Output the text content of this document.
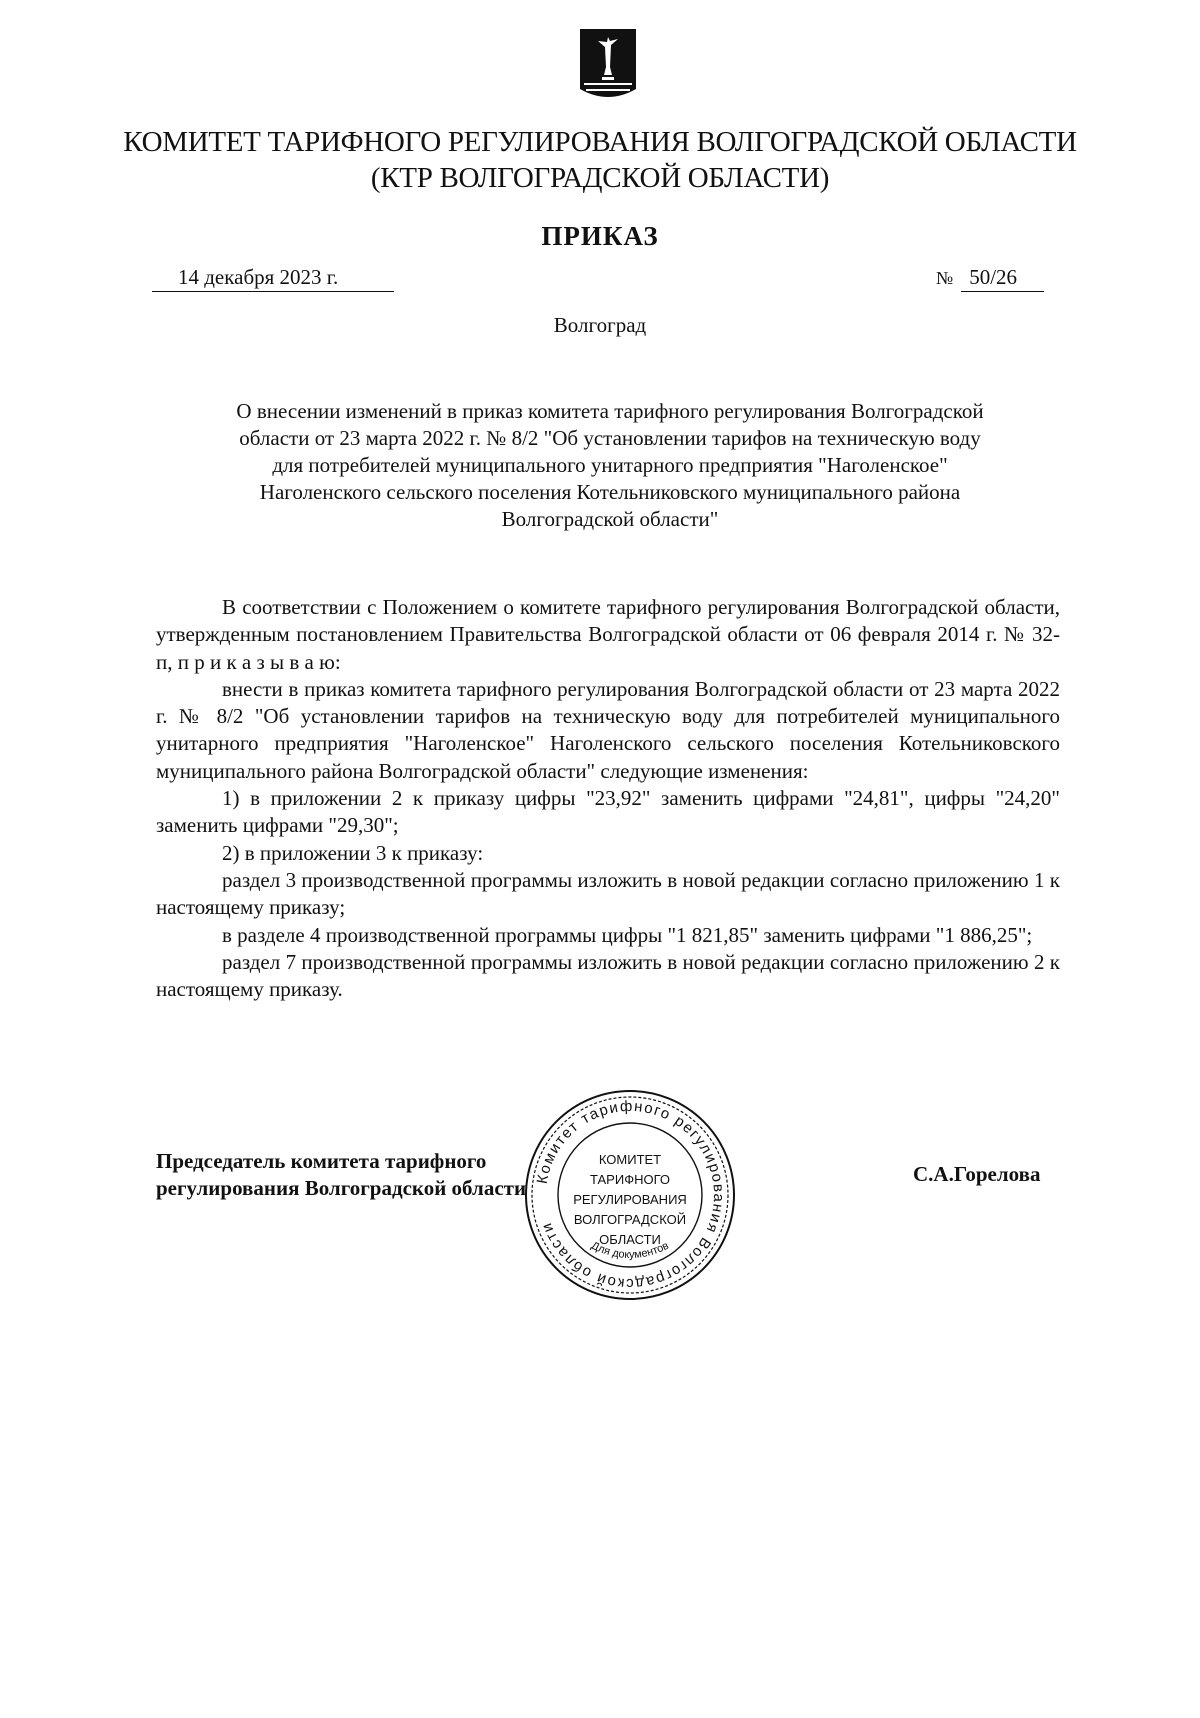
КОМИТЕТ ТАРИФНОГО РЕГУЛИРОВАНИЯ ВОЛГОГРАДСКОЙ ОБЛАСТИ
(КТР ВОЛГОГРАДСКОЙ ОБЛАСТИ)
ПРИКАЗ
14 декабря 2023 г.	№ 50/26
Волгоград
О внесении изменений в приказ комитета тарифного регулирования Волгоградской
области от 23 марта 2022 г. № 8/2 "Об установлении тарифов на техническую воду
для потребителей муниципального унитарного предприятия "Наголенское"
Наголенского сельского поселения Котельниковского муниципального района
Волгоградской области"

В соответствии с Положением о комитете тарифного регулирования Волгоградской области, утвержденным постановлением Правительства Волгоградской области от 06 февраля 2014 г. № 32-п, п р и к а з ы в а ю:

внести в приказ комитета тарифного регулирования Волгоградской области от 23 марта 2022 г. № 8/2 "Об установлении тарифов на техническую воду для потребителей муниципального унитарного предприятия "Наголенское" Наголенского сельского поселения Котельниковского муниципального района Волгоградской области" следующие изменения:

1) в приложении 2 к приказу цифры "23,92" заменить цифрами "24,81", цифры "24,20" заменить цифрами "29,30";

2) в приложении 3 к приказу:

раздел 3 производственной программы изложить в новой редакции согласно приложению 1 к настоящему приказу;

в разделе 4 производственной программы цифры "1 821,85" заменить цифрами "1 886,25";

раздел 7 производственной программы изложить в новой редакции согласно приложению 2 к настоящему приказу.

Председатель комитета тарифного
регулирования Волгоградской области
С.А.Горелова
Комитет тарифного регулирования Волгоградской области
КОМИТЕТ
ТАРИФНОГО
РЕГУЛИРОВАНИЯ
ВОЛГОГРАДСКОЙ
ОБЛАСТИ
Для документов
